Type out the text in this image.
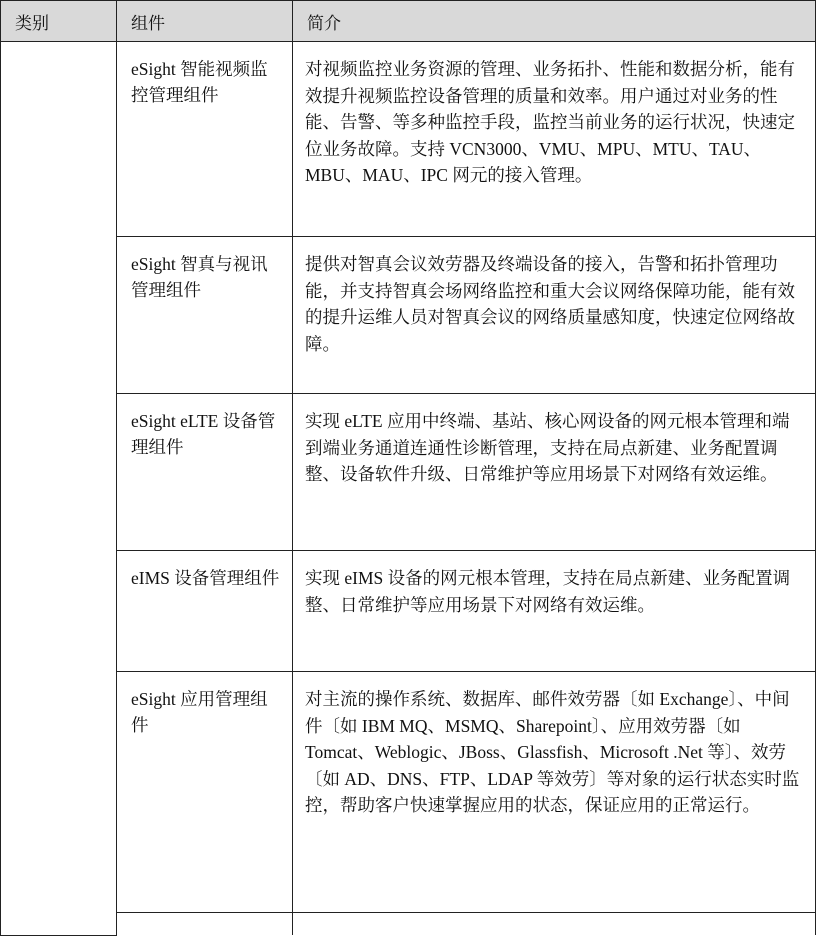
类别	组件	简介
	eSight 智能视频监控管理组件	对视频监控业务资源的管理、业务拓扑、性能和数据分析，能有效提升视频监控设备管理的质量和效率。用户通过对业务的性能、告警、等多种监控手段，监控当前业务的运行状况，快速定位业务故障。支持 VCN3000、VMU、MPU、MTU、TAU、MBU、MAU、IPC 网元的接入管理。
	eSight 智真与视讯管理组件	提供对智真会议效劳器及终端设备的接入，告警和拓扑管理功能，并支持智真会场网络监控和重大会议网络保障功能，能有效的提升运维人员对智真会议的网络质量感知度，快速定位网络故障。
	eSight eLTE 设备管理组件	实现 eLTE 应用中终端、基站、核心网设备的网元根本管理和端到端业务通道连通性诊断管理，支持在局点新建、业务配置调整、设备软件升级、日常维护等应用场景下对网络有效运维。
	eIMS 设备管理组件	实现 eIMS 设备的网元根本管理，支持在局点新建、业务配置调整、日常维护等应用场景下对网络有效运维。
	eSight 应用管理组件	对主流的操作系统、数据库、邮件效劳器〔如 Exchange〕、中间件〔如 IBM MQ、MSMQ、Sharepoint〕、应用效劳器〔如 Tomcat、Weblogic、JBoss、Glassfish、Microsoft .Net 等〕、效劳〔如 AD、DNS、FTP、LDAP 等效劳〕等对象的运行状态实时监控，帮助客户快速掌握应用的状态，保证应用的正常运行。
